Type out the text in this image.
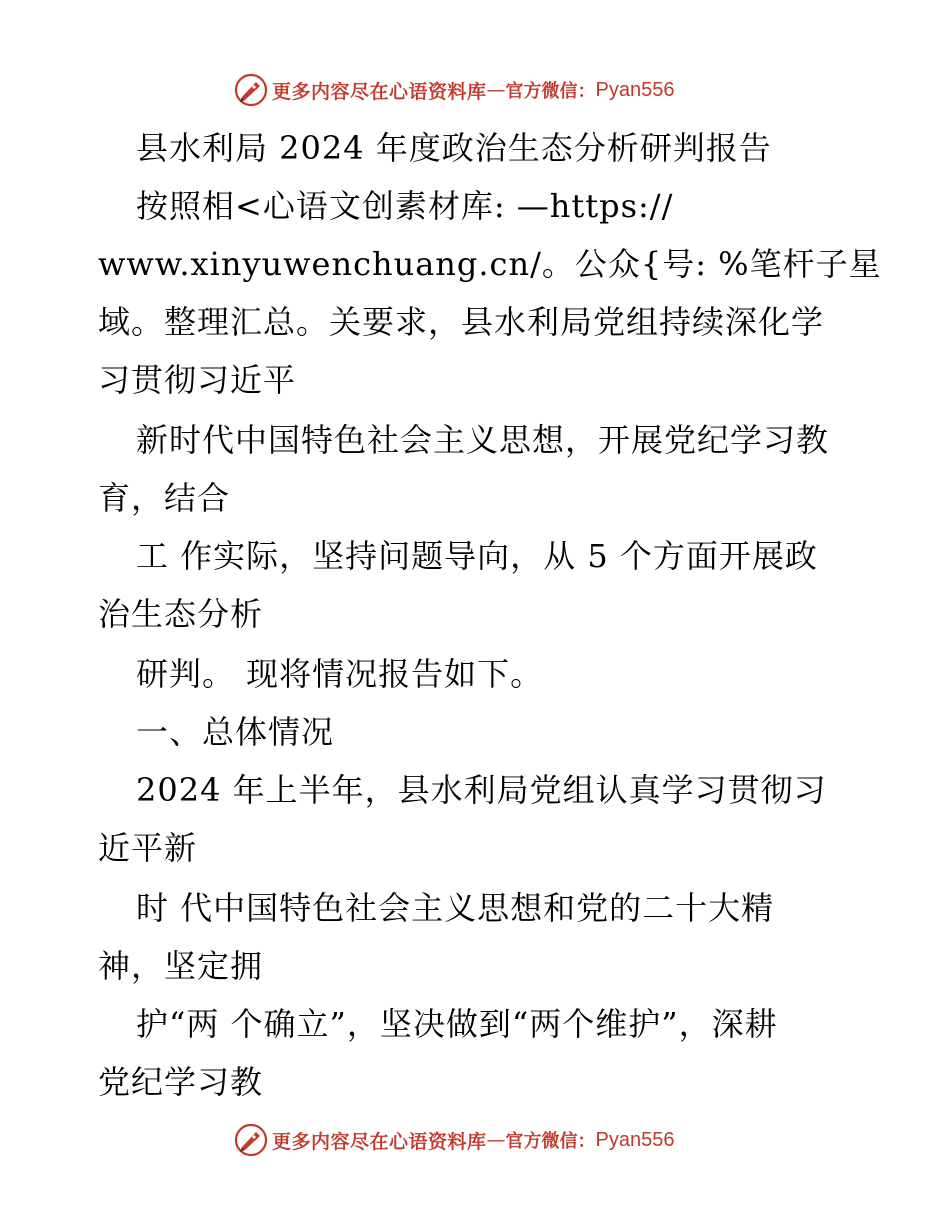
更多内容尽在心语资料库 — 官方微信： Pyan556
县水利局 2024 年度政治生态分析研判报告
按照相<心语文创素材库: —https://
www.xinyuwenchuang.cn/。公众{号: %笔杆子星
域。整理汇总。关要求，县水利局党组持续深化学
习贯彻习近平
新时代中国特色社会主义思想，开展党纪学习教
育，结合
工 作实际，坚持问题导向，从 5 个方面开展政
治生态分析
研判。 现将情况报告如下。
一、总体情况
2024 年上半年，县水利局党组认真学习贯彻习
近平新
时 代中国特色社会主义思想和党的二十大精
神，坚定拥
护“两 个确立”，坚决做到“两个维护”，深耕
党纪学习教
更多内容尽在心语资料库 — 官方微信： Pyan556
